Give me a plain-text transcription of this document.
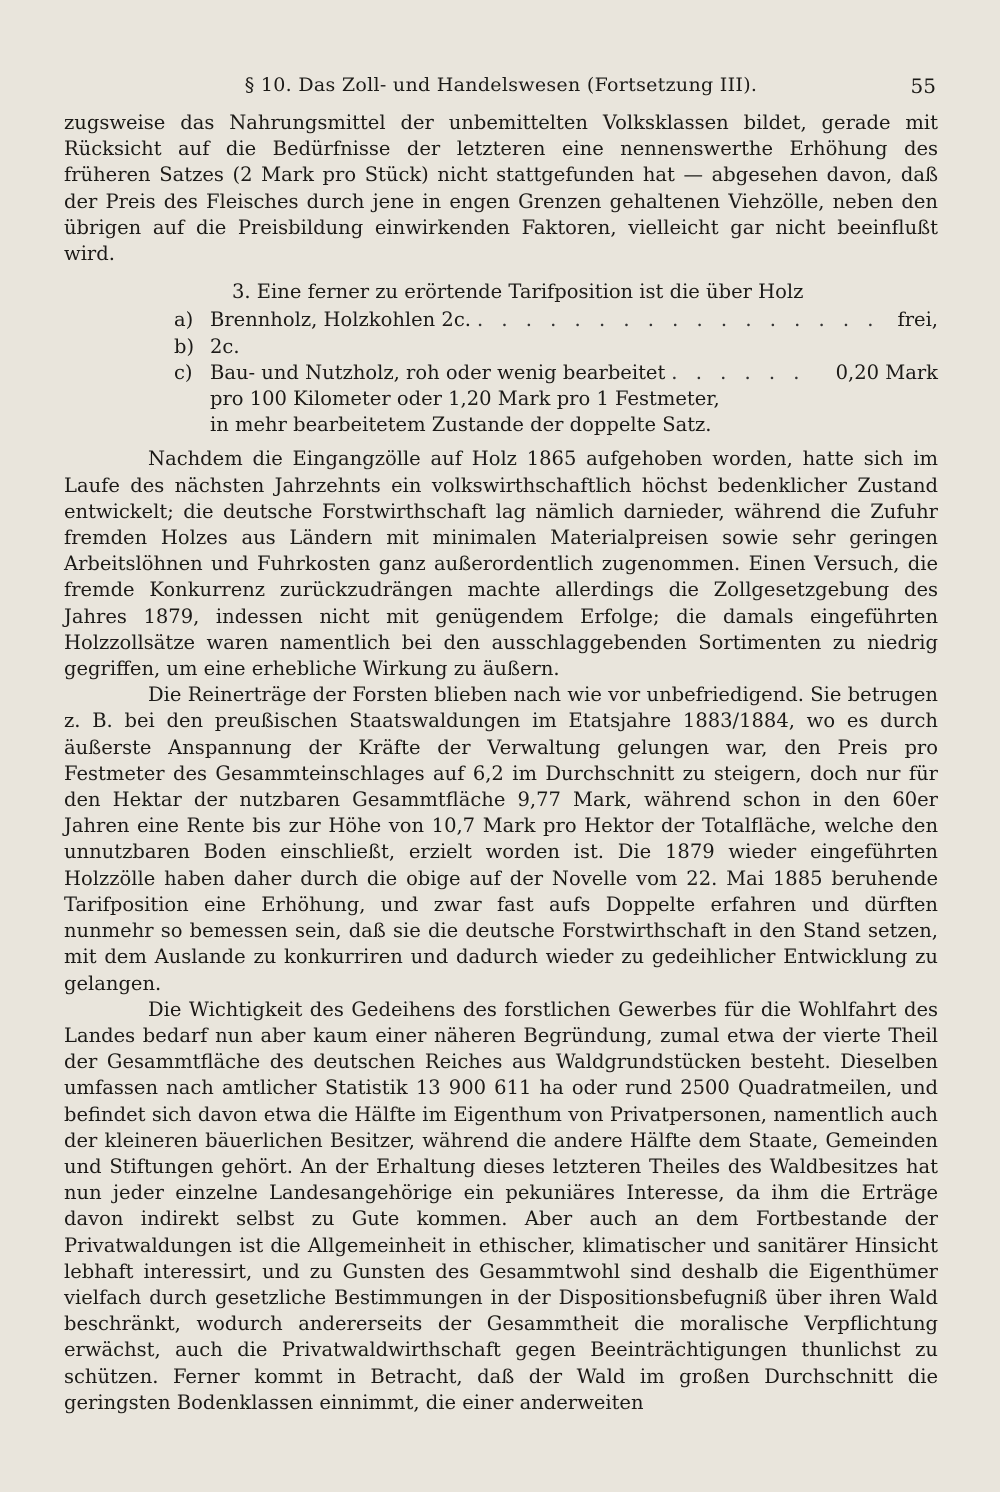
§ 10. Das Zoll- und Handelswesen (Fortsetzung III).	55

zugsweise das Nahrungsmittel der unbemittelten Volksklassen bildet, gerade mit Rücksicht auf die Bedürfnisse der letzteren eine nennenswerthe Erhöhung des früheren Satzes (2 Mark pro Stück) nicht stattgefunden hat — abgesehen davon, daß der Preis des Fleisches durch jene in engen Grenzen gehaltenen Viehzölle, neben den übrigen auf die Preisbildung einwirkenden Faktoren, vielleicht gar nicht beeinflußt wird.

3. Eine ferner zu erörtende Tarifposition ist die über Holz
a) Brennholz, Holzkohlen 2c. . . . . . . . . . . . . . . . . . frei,
b) 2c.
c) Bau- und Nutzholz, roh oder wenig bearbeitet . . . . . .	0,20 Mark
pro 100 Kilometer oder 1,20 Mark pro 1 Festmeter,
in mehr bearbeitetem Zustande der doppelte Satz.

Nachdem die Eingangzölle auf Holz 1865 aufgehoben worden, hatte sich im Laufe des nächsten Jahrzehnts ein volkswirthschaftlich höchst bedenklicher Zustand entwickelt; die deutsche Forstwirthschaft lag nämlich darnieder, während die Zufuhr fremden Holzes aus Ländern mit minimalen Materialpreisen sowie sehr geringen Arbeitslöhnen und Fuhrkosten ganz außerordentlich zugenommen. Einen Versuch, die fremde Konkurrenz zurückzudrängen machte allerdings die Zollgesetzgebung des Jahres 1879, indessen nicht mit genügendem Erfolge; die damals eingeführten Holzzollsätze waren namentlich bei den ausschlaggebenden Sortimenten zu niedrig gegriffen, um eine erhebliche Wirkung zu äußern.

Die Reinerträge der Forsten blieben nach wie vor unbefriedigend. Sie betrugen z. B. bei den preußischen Staatswaldungen im Etatsjahre 1883/1884, wo es durch äußerste Anspannung der Kräfte der Verwaltung gelungen war, den Preis pro Festmeter des Gesammteinschlages auf 6,2 im Durchschnitt zu steigern, doch nur für den Hektar der nutzbaren Gesammtfläche 9,77 Mark, während schon in den 60er Jahren eine Rente bis zur Höhe von 10,7 Mark pro Hektor der Totalfläche, welche den unnutzbaren Boden einschließt, erzielt worden ist. Die 1879 wieder eingeführten Holzzölle haben daher durch die obige auf der Novelle vom 22. Mai 1885 beruhende Tarifposition eine Erhöhung, und zwar fast aufs Doppelte erfahren und dürften nunmehr so bemessen sein, daß sie die deutsche Forstwirthschaft in den Stand setzen, mit dem Auslande zu konkurriren und dadurch wieder zu gedeihlicher Entwicklung zu gelangen.

Die Wichtigkeit des Gedeihens des forstlichen Gewerbes für die Wohlfahrt des Landes bedarf nun aber kaum einer näheren Begründung, zumal etwa der vierte Theil der Gesammtfläche des deutschen Reiches aus Waldgrundstücken besteht. Dieselben umfassen nach amtlicher Statistik 13 900 611 ha oder rund 2500 Quadratmeilen, und befindet sich davon etwa die Hälfte im Eigenthum von Privatpersonen, namentlich auch der kleineren bäuerlichen Besitzer, während die andere Hälfte dem Staate, Gemeinden und Stiftungen gehört. An der Erhaltung dieses letzteren Theiles des Waldbesitzes hat nun jeder einzelne Landesangehörige ein pekuniäres Interesse, da ihm die Erträge davon indirekt selbst zu Gute kommen. Aber auch an dem Fortbestande der Privatwaldungen ist die Allgemeinheit in ethischer, klimatischer und sanitärer Hinsicht lebhaft interessirt, und zu Gunsten des Gesammtwohl sind deshalb die Eigenthümer vielfach durch gesetzliche Bestimmungen in der Dispositionsbefugniß über ihren Wald beschränkt, wodurch andererseits der Gesammtheit die moralische Verpflichtung erwächst, auch die Privatwaldwirthschaft gegen Beeinträchtigungen thunlichst zu schützen. Ferner kommt in Betracht, daß der Wald im großen Durchschnitt die geringsten Bodenklassen einnimmt, die einer anderweiten
